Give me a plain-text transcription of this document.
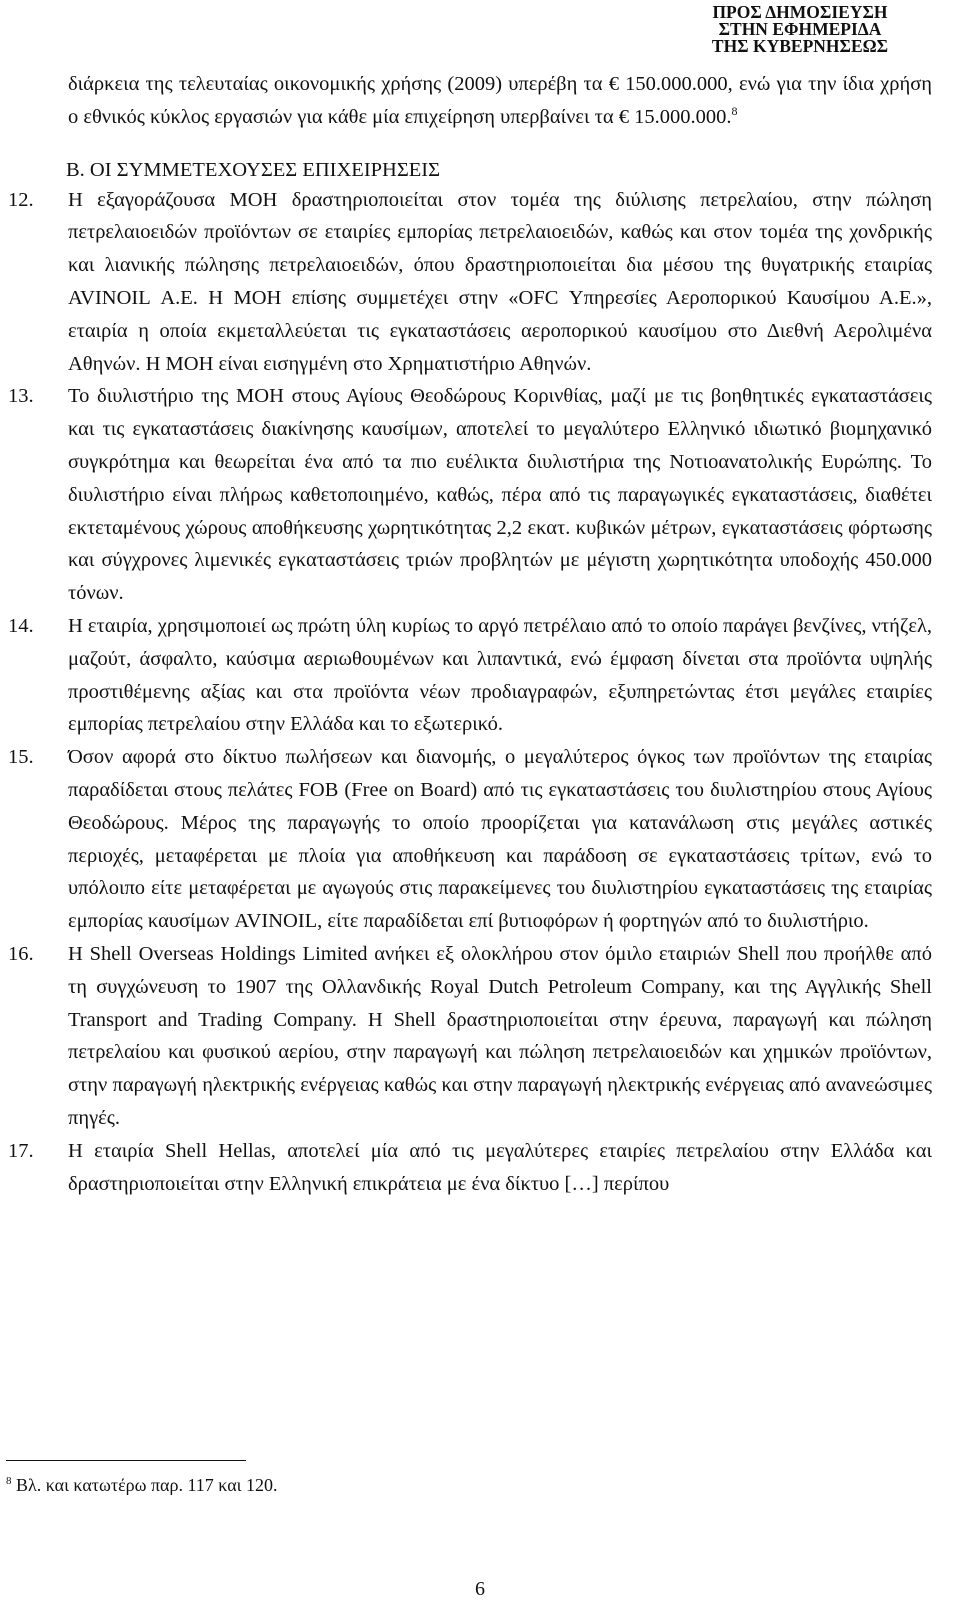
ΠΡΟΣ ΔΗΜΟΣΙΕΥΣΗ
ΣΤΗΝ ΕΦΗΜΕΡΙΔΑ
ΤΗΣ ΚΥΒΕΡΝΗΣΕΩΣ

διάρκεια της τελευταίας οικονομικής χρήσης (2009) υπερέβη τα € 150.000.000, ενώ για την ίδια χρήση ο εθνικός κύκλος εργασιών για κάθε μία επιχείρηση υπερβαίνει τα € 15.000.000.$^8$

Β. ΟΙ ΣΥΜΜΕΤΕΧΟΥΣΕΣ ΕΠΙΧΕΙΡΗΣΕΙΣ

12. Η εξαγοράζουσα ΜΟΗ δραστηριοποιείται στον τομέα της διύλισης πετρελαίου, στην πώληση πετρελαιοειδών προϊόντων σε εταιρίες εμπορίας πετρελαιοειδών, καθώς και στον τομέα της χονδρικής και λιανικής πώλησης πετρελαιοειδών, όπου δραστηριοποιείται δια μέσου της θυγατρικής εταιρίας AVINOIL Α.Ε. Η ΜΟΗ επίσης συμμετέχει στην «OFC Υπηρεσίες Αεροπορικού Καυσίμου Α.Ε.», εταιρία η οποία εκμεταλλεύεται τις εγκαταστάσεις αεροπορικού καυσίμου στο Διεθνή Αερολιμένα Αθηνών. Η ΜΟΗ είναι εισηγμένη στο Χρηματιστήριο Αθηνών.

13. Το διυλιστήριο της ΜΟΗ στους Αγίους Θεοδώρους Κορινθίας, μαζί με τις βοηθητικές εγκαταστάσεις και τις εγκαταστάσεις διακίνησης καυσίμων, αποτελεί το μεγαλύτερο Ελληνικό ιδιωτικό βιομηχανικό συγκρότημα και θεωρείται ένα από τα πιο ευέλικτα διυλιστήρια της Νοτιοανατολικής Ευρώπης. Το διυλιστήριο είναι πλήρως καθετοποιημένο, καθώς, πέρα από τις παραγωγικές εγκαταστάσεις, διαθέτει εκτεταμένους χώρους αποθήκευσης χωρητικότητας 2,2 εκατ. κυβικών μέτρων, εγκαταστάσεις φόρτωσης και σύγχρονες λιμενικές εγκαταστάσεις τριών προβλητών με μέγιστη χωρητικότητα υποδοχής 450.000 τόνων.

14. Η εταιρία, χρησιμοποιεί ως πρώτη ύλη κυρίως το αργό πετρέλαιο από το οποίο παράγει βενζίνες, ντήζελ, μαζούτ, άσφαλτο, καύσιμα αεριωθουμένων και λιπαντικά, ενώ έμφαση δίνεται στα προϊόντα υψηλής προστιθέμενης αξίας και στα προϊόντα νέων προδιαγραφών, εξυπηρετώντας έτσι μεγάλες εταιρίες εμπορίας πετρελαίου στην Ελλάδα και το εξωτερικό.

15. Όσον αφορά στο δίκτυο πωλήσεων και διανομής, ο μεγαλύτερος όγκος των προϊόντων της εταιρίας παραδίδεται στους πελάτες FOB (Free on Board) από τις εγκαταστάσεις του διυλιστηρίου στους Αγίους Θεοδώρους. Μέρος της παραγωγής το οποίο προορίζεται για κατανάλωση στις μεγάλες αστικές περιοχές, μεταφέρεται με πλοία για αποθήκευση και παράδοση σε εγκαταστάσεις τρίτων, ενώ το υπόλοιπο είτε μεταφέρεται με αγωγούς στις παρακείμενες του διυλιστηρίου εγκαταστάσεις της εταιρίας εμπορίας καυσίμων AVINOIL, είτε παραδίδεται επί βυτιοφόρων ή φορτηγών από το διυλιστήριο.

16. Η Shell Overseas Holdings Limited ανήκει εξ ολοκλήρου στον όμιλο εταιριών Shell που προήλθε από τη συγχώνευση το 1907 της Ολλανδικής Royal Dutch Petroleum Company, και της Αγγλικής Shell Transport and Trading Company. Η Shell δραστηριοποιείται στην έρευνα, παραγωγή και πώληση πετρελαίου και φυσικού αερίου, στην παραγωγή και πώληση πετρελαιοειδών και χημικών προϊόντων, στην παραγωγή ηλεκτρικής ενέργειας καθώς και στην παραγωγή ηλεκτρικής ενέργειας από ανανεώσιμες πηγές.

17. Η εταιρία Shell Hellas, αποτελεί μία από τις μεγαλύτερες εταιρίες πετρελαίου στην Ελλάδα και δραστηριοποιείται στην Ελληνική επικράτεια με ένα δίκτυο […] περίπου

$^8$ Βλ. και κατωτέρω παρ. 117 και 120.
6
